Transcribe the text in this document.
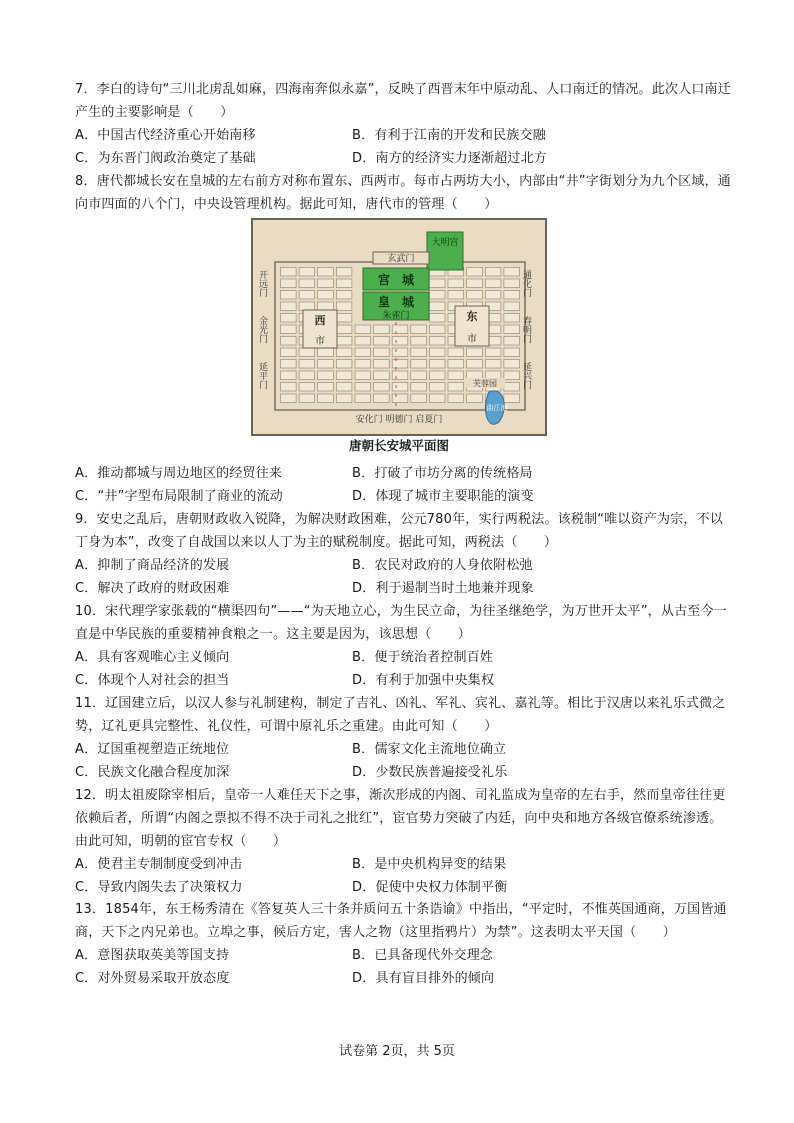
7．李白的诗句“三川北虏乱如麻，四海南奔似永嘉”，反映了西晋末年中原动乱、人口南迁的情况。此次人口南迁产生的主要影响是（　　）

A．中国古代经济重心开始南移	B．有利于江南的开发和民族交融
C．为东晋门阀政治奠定了基础	D．南方的经济实力逐渐超过北方

8．唐代都城长安在皇城的左右前方对称布置东、西两市。每市占两坊大小，内部由“井”字街划分为九个区域，通向市四面的八个门，中央设管理机构。据此可知，唐代市的管理（　　）

大明宫
玄武门
宫　城
皇　城
朱雀门
西
市
东
市
芙蓉园
曲江池
安化门 明德门 启夏门
开远门
金光门
延平门
通化门
春明门
延兴门
唐朝长安城平面图
A．推动都城与周边地区的经贸往来	B．打破了市坊分离的传统格局
C．“井”字型布局限制了商业的流动	D．体现了城市主要职能的演变

9．安史之乱后，唐朝财政收入锐降，为解决财政困难，公元780年，实行两税法。该税制“唯以资产为宗，不以丁身为本”，改变了自战国以来以人丁为主的赋税制度。据此可知，两税法（　　）

A．抑制了商品经济的发展	B．农民对政府的人身依附松弛
C．解决了政府的财政困难	D．利于遏制当时土地兼并现象

10．宋代理学家张载的“横渠四句”——“为天地立心，为生民立命，为往圣继绝学，为万世开太平”，从古至今一直是中华民族的重要精神食粮之一。这主要是因为，该思想（　　）

A．具有客观唯心主义倾向	B．便于统治者控制百姓
C．体现个人对社会的担当	D．有利于加强中央集权

11．辽国建立后，以汉人参与礼制建构，制定了吉礼、凶礼、军礼、宾礼、嘉礼等。相比于汉唐以来礼乐式微之势，辽礼更具完整性、礼仪性，可谓中原礼乐之重建。由此可知（　　）

A．辽国重视塑造正统地位	B．儒家文化主流地位确立
C．民族文化融合程度加深	D．少数民族普遍接受礼乐

12．明太祖废除宰相后，皇帝一人难任天下之事，渐次形成的内阁、司礼监成为皇帝的左右手，然而皇帝往往更依赖后者，所谓“内阁之票拟不得不决于司礼之批红”，宦官势力突破了内廷，向中央和地方各级官僚系统渗透。由此可知，明朝的宦官专权（　　）

A．使君主专制制度受到冲击	B．是中央机构异变的结果
C．导致内阁失去了决策权力	D．促使中央权力体制平衡

13．1854年，东王杨秀清在《答复英人三十条并质问五十条诰谕》中指出，“平定时，不惟英国通商，万国皆通商，天下之内兄弟也。立埠之事，候后方定，害人之物（这里指鸦片）为禁”。这表明太平天国（　　）

A．意图获取英美等国支持	B．已具备现代外交理念
C．对外贸易采取开放态度	D．具有盲目排外的倾向
试卷第 2页，共 5页
